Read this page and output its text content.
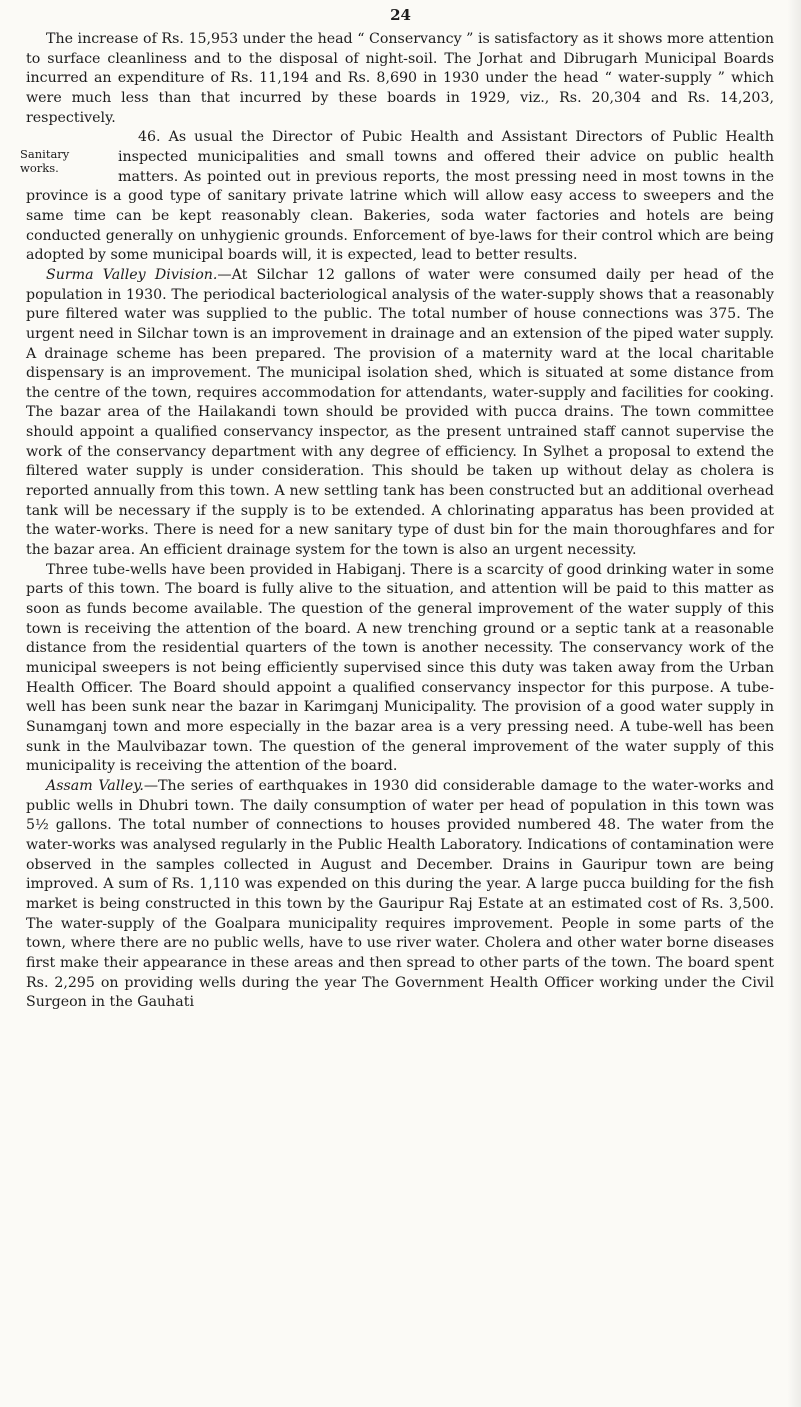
24

The increase of Rs. 15,953 under the head “ Conservancy ” is satisfactory as it shows more attention to surface cleanliness and to the disposal of night-soil. The Jorhat and Dibrugarh Municipal Boards incurred an expenditure of Rs. 11,194 and Rs. 8,690 in 1930 under the head “ water-supply ” which were much less than that incurred by these boards in 1929, viz., Rs. 20,304 and Rs. 14,203, respectively.

Sanitary works.
46. As usual the Director of Pubic Health and Assistant Directors of Public Health inspected municipalities and small towns and offered their advice on public health matters. As pointed out in previous reports, the most pressing need in most towns in the province is a good type of sanitary private latrine which will allow easy access to sweepers and the same time can be kept reasonably clean. Bakeries, soda water factories and hotels are being conducted generally on unhygienic grounds. Enforcement of bye-laws for their control which are being adopted by some municipal boards will, it is expected, lead to better results.

Surma Valley Division.—At Silchar 12 gallons of water were consumed daily per head of the population in 1930. The periodical bacteriological analysis of the water-supply shows that a reasonably pure filtered water was supplied to the public. The total number of house connections was 375. The urgent need in Silchar town is an improvement in drainage and an extension of the piped water supply. A drainage scheme has been prepared. The provision of a maternity ward at the local charitable dispensary is an improvement. The municipal isolation shed, which is situated at some distance from the centre of the town, requires accommodation for attendants, water-supply and facilities for cooking. The bazar area of the Hailakandi town should be provided with pucca drains. The town committee should appoint a qualified conservancy inspector, as the present untrained staff cannot supervise the work of the conservancy department with any degree of efficiency. In Sylhet a proposal to extend the filtered water supply is under consideration. This should be taken up without delay as cholera is reported annually from this town. A new settling tank has been constructed but an additional overhead tank will be necessary if the supply is to be extended. A chlorinating apparatus has been provided at the water-works. There is need for a new sanitary type of dust bin for the main thoroughfares and for the bazar area. An efficient drainage system for the town is also an urgent necessity.

Three tube-wells have been provided in Habiganj. There is a scarcity of good drinking water in some parts of this town. The board is fully alive to the situation, and attention will be paid to this matter as soon as funds become available. The question of the general improvement of the water supply of this town is receiving the attention of the board. A new trenching ground or a septic tank at a reasonable distance from the residential quarters of the town is another necessity. The conservancy work of the municipal sweepers is not being efficiently supervised since this duty was taken away from the Urban Health Officer. The Board should appoint a qualified conservancy inspector for this purpose. A tube-well has been sunk near the bazar in Karimganj Municipality. The provision of a good water supply in Sunamganj town and more especially in the bazar area is a very pressing need. A tube-well has been sunk in the Maulvibazar town. The question of the general improvement of the water supply of this municipality is receiving the attention of the board.

Assam Valley.—The series of earthquakes in 1930 did considerable damage to the water-works and public wells in Dhubri town. The daily consumption of water per head of population in this town was 5½ gallons. The total number of connections to houses provided numbered 48. The water from the water-works was analysed regularly in the Public Health Laboratory. Indications of contamination were observed in the samples collected in August and December. Drains in Gauripur town are being improved. A sum of Rs. 1,110 was expended on this during the year. A large pucca building for the fish market is being constructed in this town by the Gauripur Raj Estate at an estimated cost of Rs. 3,500. The water-supply of the Goalpara municipality requires improvement. People in some parts of the town, where there are no public wells, have to use river water. Cholera and other water borne diseases first make their appearance in these areas and then spread to other parts of the town. The board spent Rs. 2,295 on providing wells during the year The Government Health Officer working under the Civil Surgeon in the Gauhati
